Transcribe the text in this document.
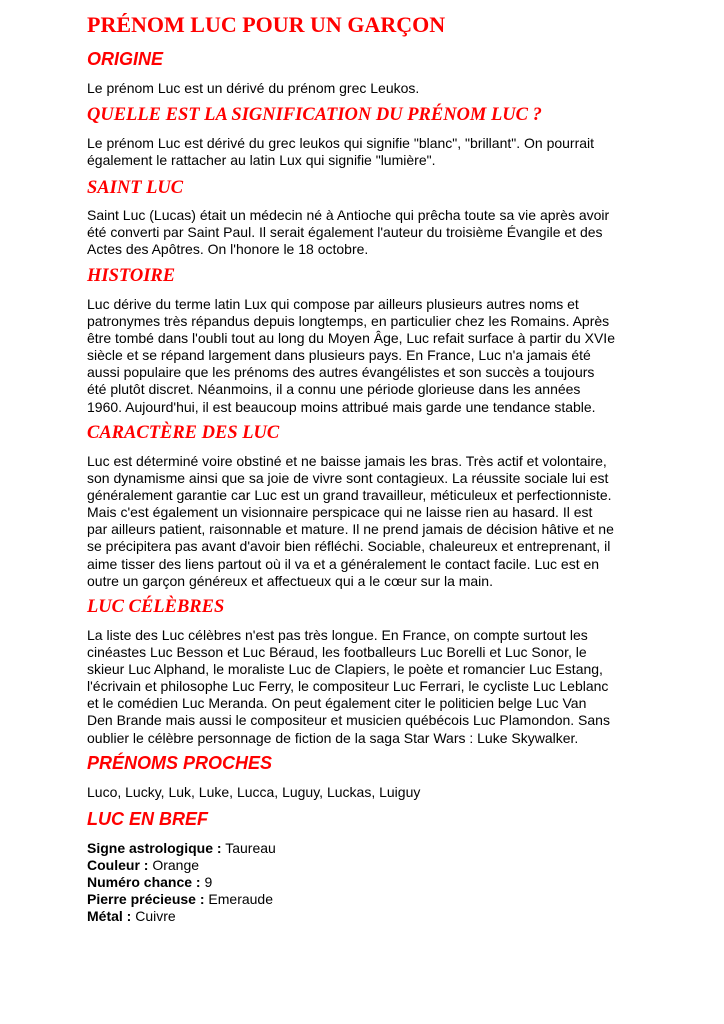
PRÉNOM LUC POUR UN GARÇON
ORIGINE
Le prénom Luc est un dérivé du prénom grec Leukos.
QUELLE EST LA SIGNIFICATION DU PRÉNOM LUC ?
Le prénom Luc est dérivé du grec leukos qui signifie "blanc", "brillant". On pourrait
également le rattacher au latin Lux qui signifie "lumière".
SAINT LUC
Saint Luc (Lucas) était un médecin né à Antioche qui prêcha toute sa vie après avoir
été converti par Saint Paul. Il serait également l'auteur du troisième Évangile et des
Actes des Apôtres. On l'honore le 18 octobre.
HISTOIRE
Luc dérive du terme latin Lux qui compose par ailleurs plusieurs autres noms et
patronymes très répandus depuis longtemps, en particulier chez les Romains. Après
être tombé dans l'oubli tout au long du Moyen Âge, Luc refait surface à partir du XVIe
siècle et se répand largement dans plusieurs pays. En France, Luc n'a jamais été
aussi populaire que les prénoms des autres évangélistes et son succès a toujours
été plutôt discret. Néanmoins, il a connu une période glorieuse dans les années
1960. Aujourd'hui, il est beaucoup moins attribué mais garde une tendance stable.
CARACTÈRE DES LUC
Luc est déterminé voire obstiné et ne baisse jamais les bras. Très actif et volontaire,
son dynamisme ainsi que sa joie de vivre sont contagieux. La réussite sociale lui est
généralement garantie car Luc est un grand travailleur, méticuleux et perfectionniste.
Mais c'est également un visionnaire perspicace qui ne laisse rien au hasard. Il est
par ailleurs patient, raisonnable et mature. Il ne prend jamais de décision hâtive et ne
se précipitera pas avant d'avoir bien réfléchi. Sociable, chaleureux et entreprenant, il
aime tisser des liens partout où il va et a généralement le contact facile. Luc est en
outre un garçon généreux et affectueux qui a le cœur sur la main.
LUC CÉLÈBRES
La liste des Luc célèbres n'est pas très longue. En France, on compte surtout les
cinéastes Luc Besson et Luc Béraud, les footballeurs Luc Borelli et Luc Sonor, le
skieur Luc Alphand, le moraliste Luc de Clapiers, le poète et romancier Luc Estang,
l'écrivain et philosophe Luc Ferry, le compositeur Luc Ferrari, le cycliste Luc Leblanc
et le comédien Luc Meranda. On peut également citer le politicien belge Luc Van
Den Brande mais aussi le compositeur et musicien québécois Luc Plamondon. Sans
oublier le célèbre personnage de fiction de la saga Star Wars : Luke Skywalker.
PRÉNOMS PROCHES
Luco, Lucky, Luk, Luke, Lucca, Luguy, Luckas, Luiguy
LUC EN BREF
Signe astrologique : Taureau
Couleur : Orange
Numéro chance : 9
Pierre précieuse : Emeraude
Métal : Cuivre
